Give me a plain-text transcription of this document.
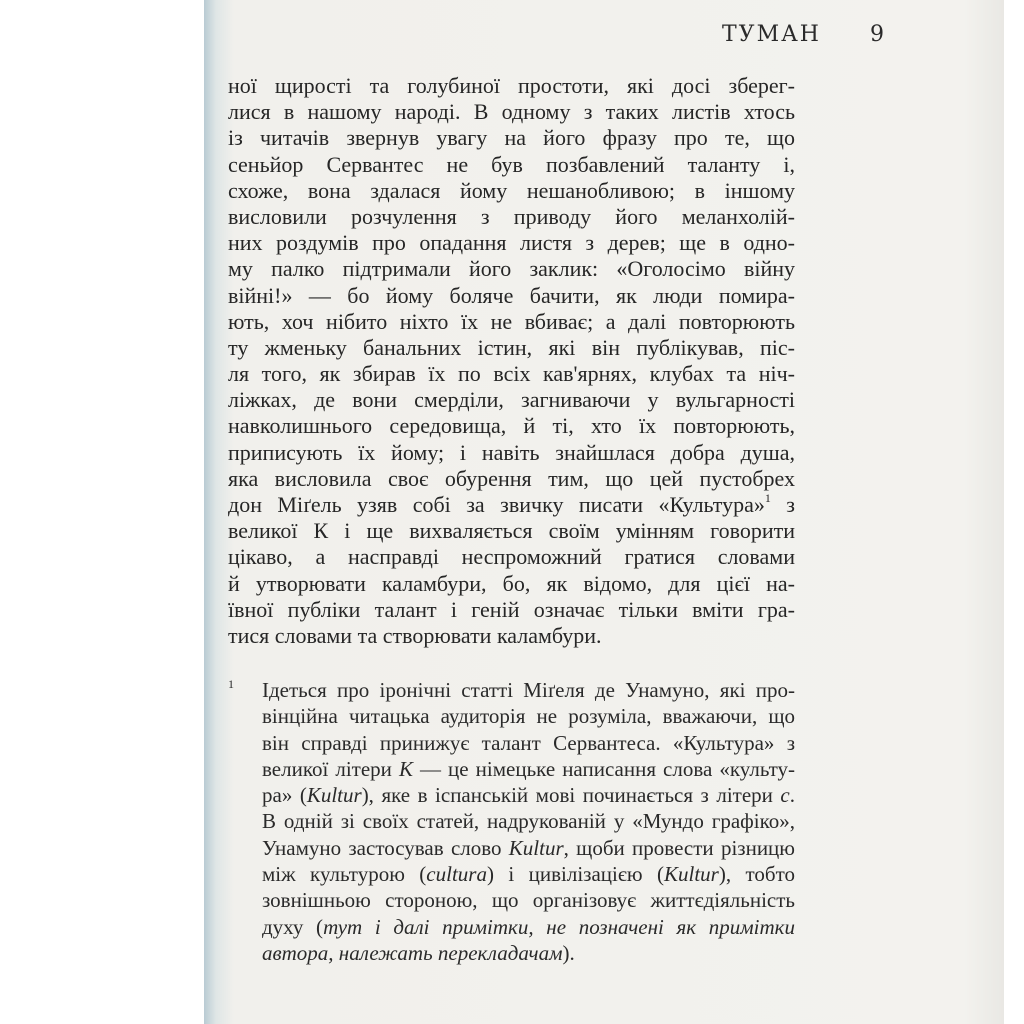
ТУМАН 9
ної щирості та голубиної простоти, які досі зберег-
лися в нашому народі. В одному з таких листів хтось
із читачів звернув увагу на його фразу про те, що
сеньйор Сервантес не був позбавлений таланту і,
схоже, вона здалася йому нешанобливою; в іншому
висловили розчулення з приводу його меланхолій-
них роздумів про опадання листя з дерев; ще в одно-
му палко підтримали його заклик: «Оголосімо війну
війні!» — бо йому боляче бачити, як люди помира-
ють, хоч нібито ніхто їх не вбиває; а далі повторюють
ту жменьку банальних істин, які він публікував, піс-
ля того, як збирав їх по всіх кав'ярнях, клубах та ніч-
ліжках, де вони смерділи, загниваючи у вульгарності
навколишнього середовища, й ті, хто їх повторюють,
приписують їх йому; і навіть знайшлася добра душа,
яка висловила своє обурення тим, що цей пустобрех
дон Міґель узяв собі за звичку писати «Культура»$^1$ з
великої К і ще вихваляється своїм умінням говорити
цікаво, а насправді неспроможний гратися словами
й утворювати каламбури, бо, як відомо, для цієї на-
ївної публіки талант і геній означає тільки вміти гра-
тися словами та створювати каламбури.
1 Ідеться про іронічні статті Міґеля де Унамуно, які про-
вінційна читацька аудиторія не розуміла, вважаючи, що
він справді принижує талант Сервантеса. «Культура» з
великої літери К — це німецьке написання слова «культу-
ра» (Kultur), яке в іспанській мові починається з літери c.
В одній зі своїх статей, надрукованій у «Мундо графіко»,
Унамуно застосував слово Kultur, щоби провести різницю
між культурою (cultura) і цивілізацією (Kultur), тобто
зовнішньою стороною, що організовує життєдіяльність
духу (тут і далі примітки, не позначені як примітки
автора, належать перекладачам).
